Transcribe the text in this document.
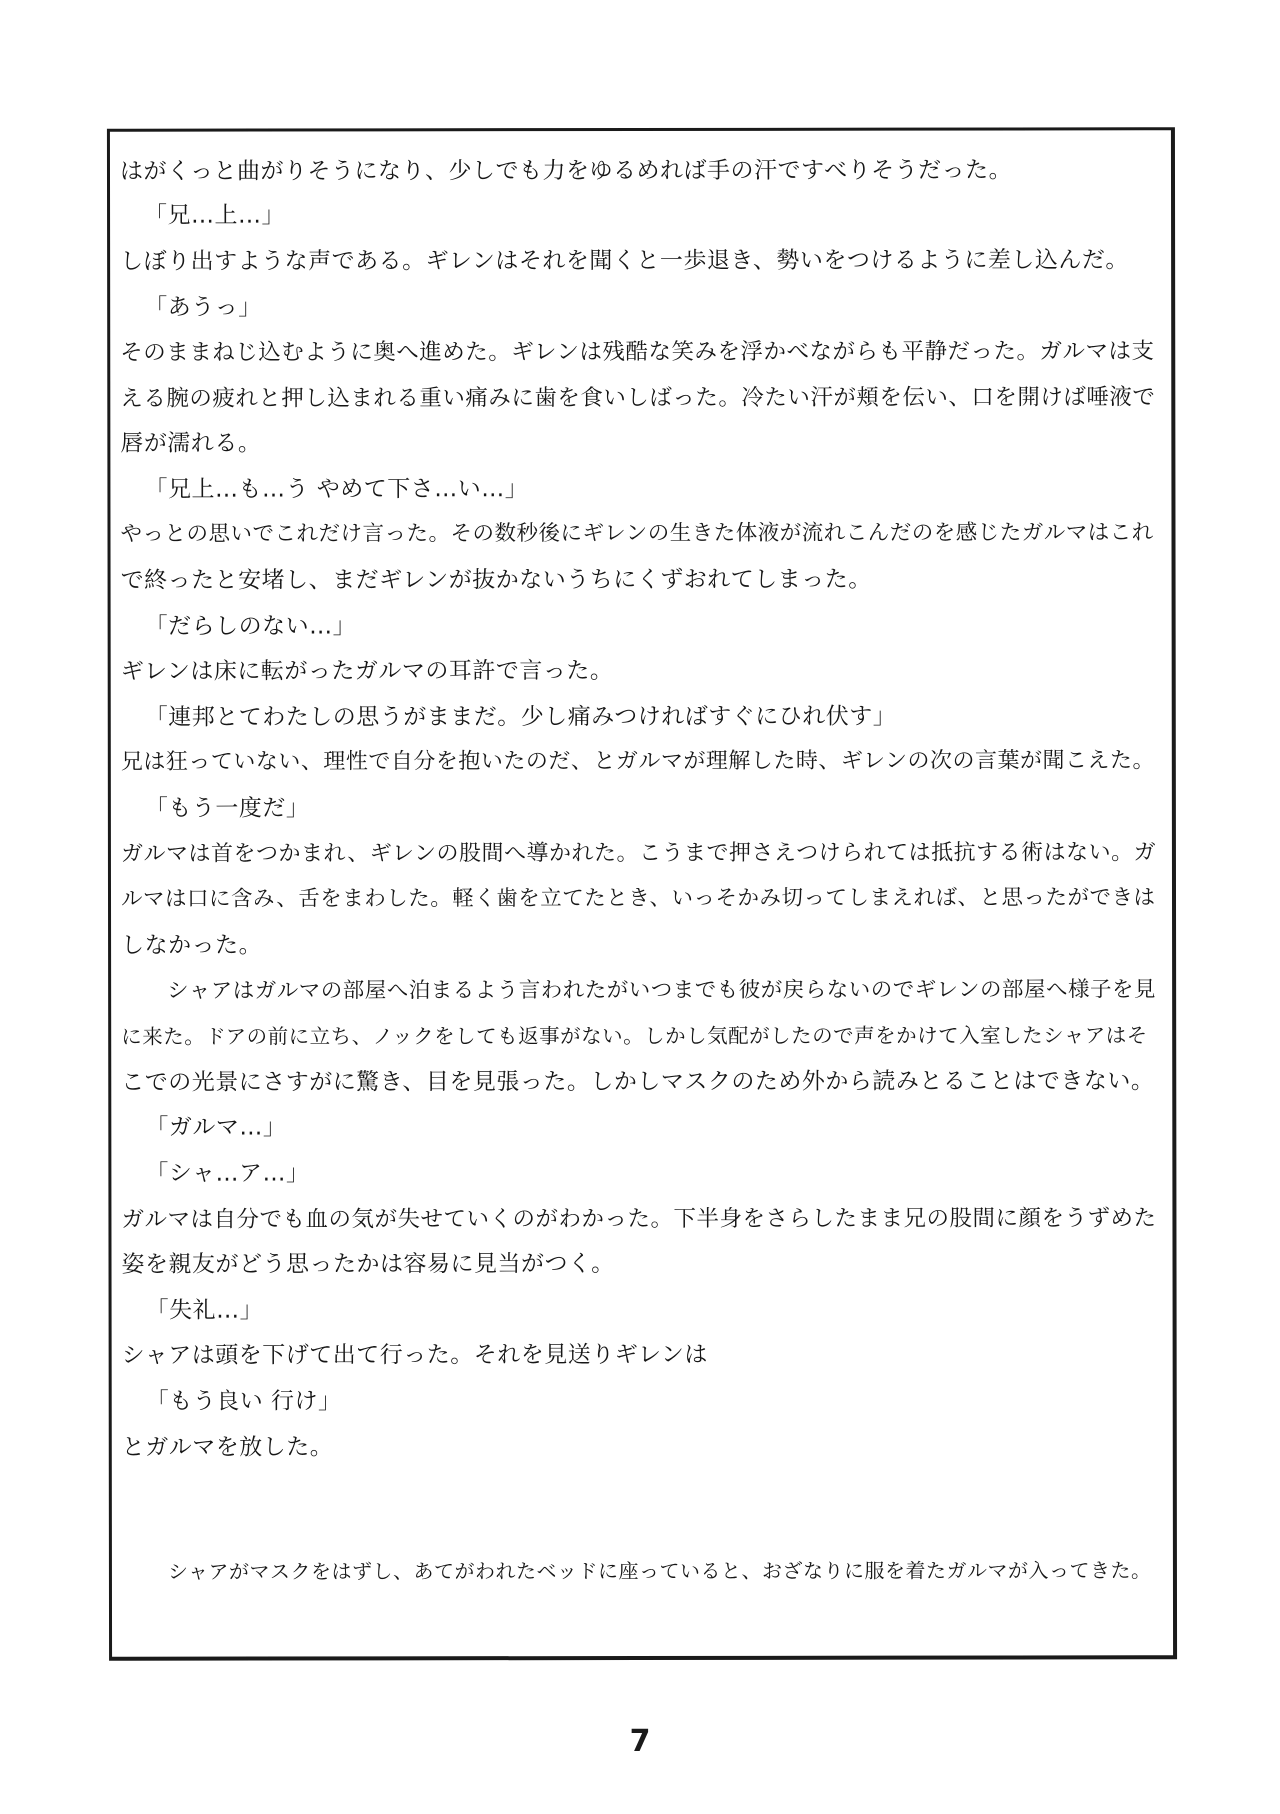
はがくっと曲がりそうになり、少しでも力をゆるめれば手の汗ですべりそうだった。
「兄…上…」
しぼり出すような声である。ギレンはそれを聞くと一歩退き、勢いをつけるように差し込んだ。
「あうっ」
そのままねじ込むように奥へ進めた。ギレンは残酷な笑みを浮かべながらも平静だった。ガルマは支
える腕の疲れと押し込まれる重い痛みに歯を食いしばった。冷たい汗が頬を伝い、口を開けば唾液で
唇が濡れる。
「兄上…も…う やめて下さ…い…」
やっとの思いでこれだけ言った。その数秒後にギレンの生きた体液が流れこんだのを感じたガルマはこれ
で終ったと安堵し、まだギレンが抜かないうちにくずおれてしまった。
「だらしのない…」
ギレンは床に転がったガルマの耳許で言った。
「連邦とてわたしの思うがままだ。少し痛みつければすぐにひれ伏す」
兄は狂っていない、理性で自分を抱いたのだ、とガルマが理解した時、ギレンの次の言葉が聞こえた。
「もう一度だ」
ガルマは首をつかまれ、ギレンの股間へ導かれた。こうまで押さえつけられては抵抗する術はない。ガ
ルマは口に含み、舌をまわした。軽く歯を立てたとき、いっそかみ切ってしまえれば、と思ったができは
しなかった。
シャアはガルマの部屋へ泊まるよう言われたがいつまでも彼が戻らないのでギレンの部屋へ様子を見
に来た。ドアの前に立ち、ノックをしても返事がない。しかし気配がしたので声をかけて入室したシャアはそ
こでの光景にさすがに驚き、目を見張った。しかしマスクのため外から読みとることはできない。
「ガルマ…」
「シャ…ア…」
ガルマは自分でも血の気が失せていくのがわかった。下半身をさらしたまま兄の股間に顔をうずめた
姿を親友がどう思ったかは容易に見当がつく。
「失礼…」
シャアは頭を下げて出て行った。それを見送りギレンは
「もう良い 行け」
とガルマを放した。
シャアがマスクをはずし、あてがわれたベッドに座っていると、おざなりに服を着たガルマが入ってきた。
7
